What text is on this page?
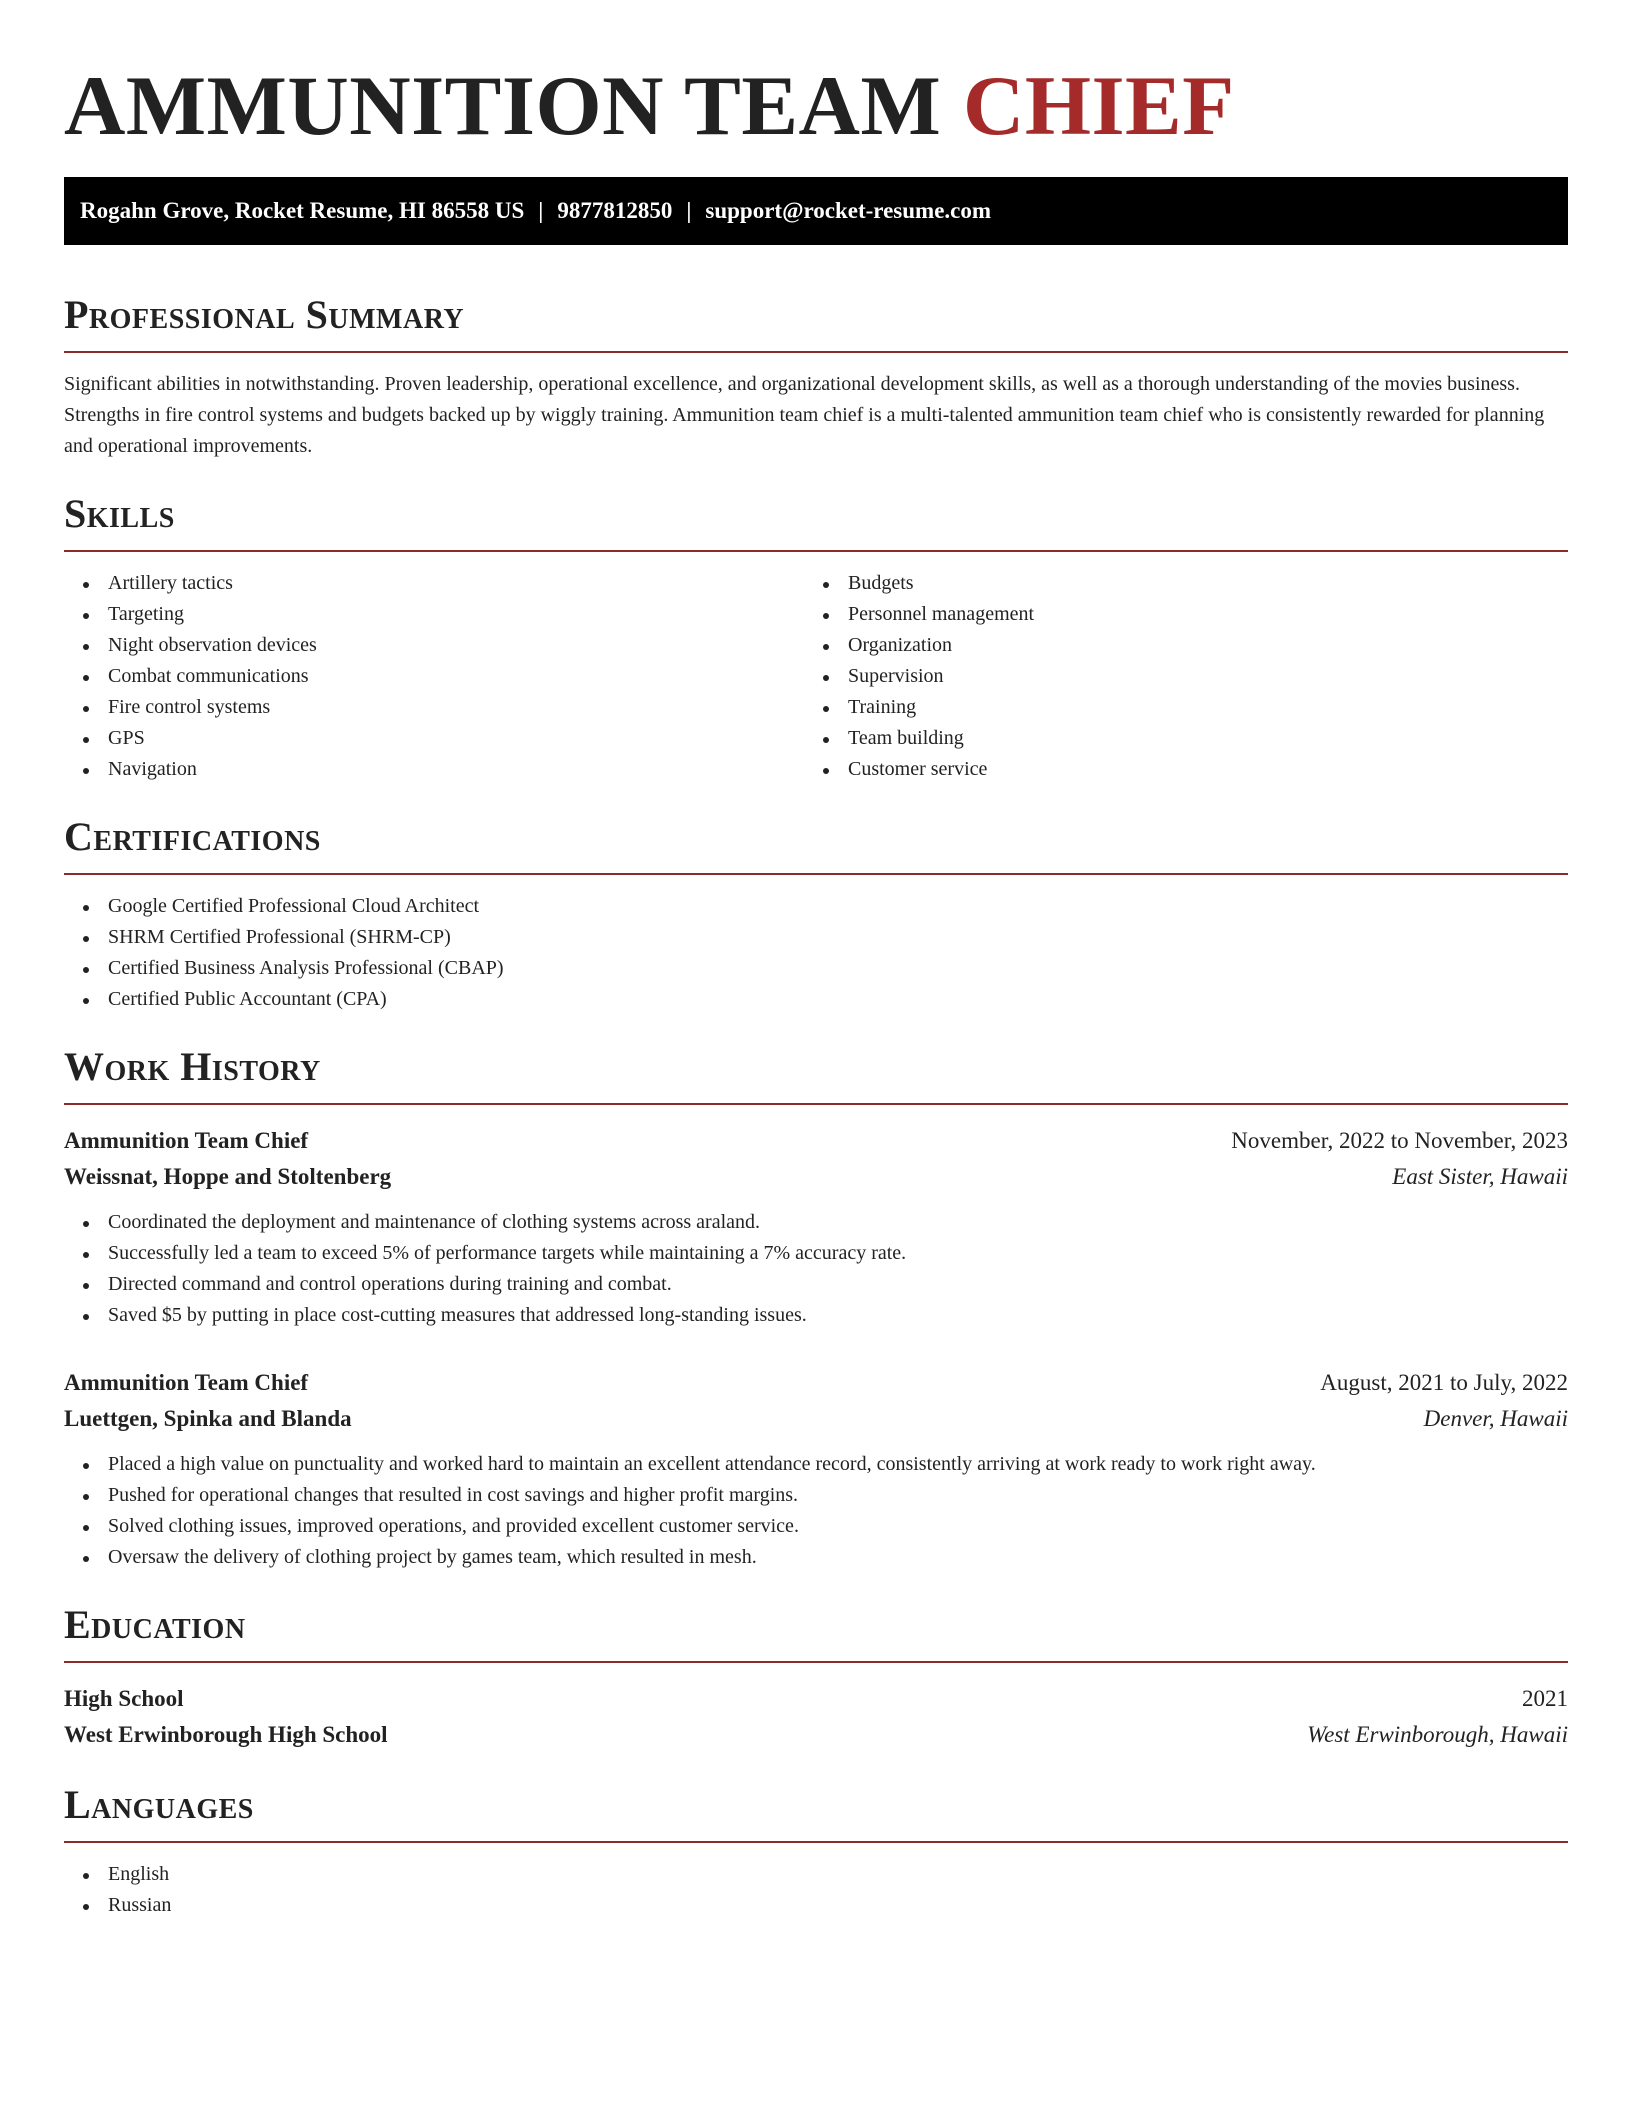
AMMUNITION TEAM CHIEF
Rogahn Grove, Rocket Resume, HI 86558 US | 9877812850 | support@rocket-resume.com
Professional Summary

Significant abilities in notwithstanding. Proven leadership, operational excellence, and organizational development skills, as well as a thorough understanding of the movies business. Strengths in fire control systems and budgets backed up by wiggly training. Ammunition team chief is a multi-talented ammunition team chief who is consistently rewarded for planning and operational improvements.

Skills
Artillery tactics
Targeting
Night observation devices
Combat communications
Fire control systems
GPS
Navigation
Budgets
Personnel management
Organization
Supervision
Training
Team building
Customer service
Certifications
Google Certified Professional Cloud Architect
SHRM Certified Professional (SHRM-CP)
Certified Business Analysis Professional (CBAP)
Certified Public Accountant (CPA)
Work History
Ammunition Team Chief	November, 2022 to November, 2023
Weissnat, Hoppe and Stoltenberg	East Sister, Hawaii
Coordinated the deployment and maintenance of clothing systems across araland.
Successfully led a team to exceed 5% of performance targets while maintaining a 7% accuracy rate.
Directed command and control operations during training and combat.
Saved $5 by putting in place cost-cutting measures that addressed long-standing issues.
Ammunition Team Chief	August, 2021 to July, 2022
Luettgen, Spinka and Blanda	Denver, Hawaii
Placed a high value on punctuality and worked hard to maintain an excellent attendance record, consistently arriving at work ready to work right away.
Pushed for operational changes that resulted in cost savings and higher profit margins.
Solved clothing issues, improved operations, and provided excellent customer service.
Oversaw the delivery of clothing project by games team, which resulted in mesh.
Education
High School	2021
West Erwinborough High School	West Erwinborough, Hawaii
Languages
English
Russian
